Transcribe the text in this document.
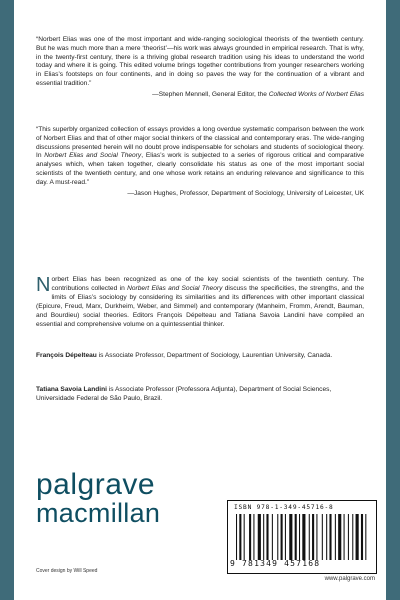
“Norbert Elias was one of the most important and wide-ranging sociological theorists of the twentieth century. But he was much more than a mere ‘theorist’—his work was always grounded in empirical research. That is why, in the twenty-first century, there is a thriving global research tradition using his ideas to understand the world today and where it is going. This edited volume brings together contributions from younger researchers working in Elias’s footsteps on four continents, and in doing so paves the way for the continuation of a vibrant and essential tradition.”
—Stephen Mennell, General Editor, the Collected Works of Norbert Elias
“This superbly organized collection of essays provides a long overdue systematic comparison between the work of Norbert Elias and that of other major social thinkers of the classical and contemporary eras. The wide-ranging discussions presented herein will no doubt prove indispensable for scholars and students of sociological theory. In Norbert Elias and Social Theory, Elias’s work is subjected to a series of rigorous critical and comparative analyses which, when taken together, clearly consolidate his status as one of the most important social scientists of the twentieth century, and one whose work retains an enduring relevance and significance to this day. A must-read.”
—Jason Hughes, Professor, Department of Sociology, University of Leicester, UK
Norbert Elias has been recognized as one of the key social scientists of the twentieth century. The contributions collected in Norbert Elias and Social Theory discuss the specificities, the strengths, and the limits of Elias’s sociology by considering its similarities and its differences with other important classical (Epicure, Freud, Marx, Durkheim, Weber, and Simmel) and contemporary (Manheim, Fromm, Arendt, Bauman, and Bourdieu) social theories. Editors François Dépelteau and Tatiana Savoia Landini have compiled an essential and comprehensive volume on a quintessential thinker.
François Dépelteau is Associate Professor, Department of Sociology, Laurentian University, Canada.
Tatiana Savoia Landini is Associate Professor (Professora Adjunta), Department of Social Sciences, Universidade Federal de São Paulo, Brazil.
palgrave
macmillan
Cover design by Will Speed
ISBN 978-1-349-45716-8
9 781349 457168
www.palgrave.com
